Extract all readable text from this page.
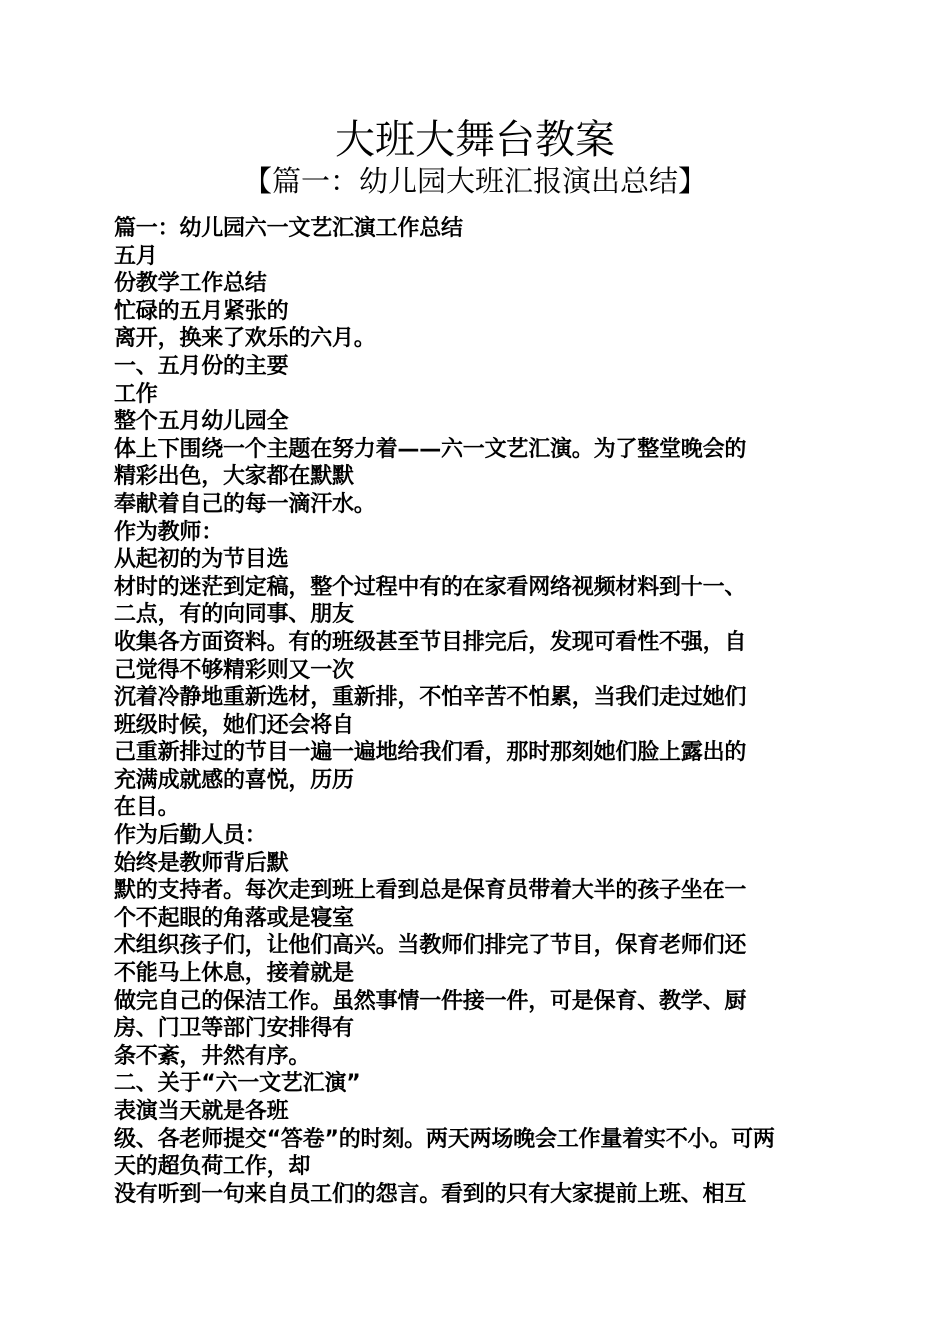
大班大舞台教案
【篇一：幼儿园大班汇报演出总结】
篇一：幼儿园六一文艺汇演工作总结
五月
份教学工作总结
忙碌的五月紧张的
离开，换来了欢乐的六月。
一、五月份的主要
工作
整个五月幼儿园全
体上下围绕一个主题在努力着——六一文艺汇演。为了整堂晚会的
精彩出色，大家都在默默
奉献着自己的每一滴汗水。
作为教师：
从起初的为节目选
材时的迷茫到定稿，整个过程中有的在家看网络视频材料到十一、
二点，有的向同事、朋友
收集各方面资料。有的班级甚至节目排完后，发现可看性不强，自
己觉得不够精彩则又一次
沉着冷静地重新选材，重新排，不怕辛苦不怕累，当我们走过她们
班级时候，她们还会将自
己重新排过的节目一遍一遍地给我们看，那时那刻她们脸上露出的
充满成就感的喜悦，历历
在目。
作为后勤人员：
始终是教师背后默
默的支持者。每次走到班上看到总是保育员带着大半的孩子坐在一
个不起眼的角落或是寝室
术组织孩子们，让他们高兴。当教师们排完了节目，保育老师们还
不能马上休息，接着就是
做完自己的保洁工作。虽然事情一件接一件，可是保育、教学、厨
房、门卫等部门安排得有
条不紊，井然有序。
二、关于“六一文艺汇演”
表演当天就是各班
级、各老师提交“答卷”的时刻。两天两场晚会工作量着实不小。可两
天的超负荷工作，却
没有听到一句来自员工们的怨言。看到的只有大家提前上班、相互
